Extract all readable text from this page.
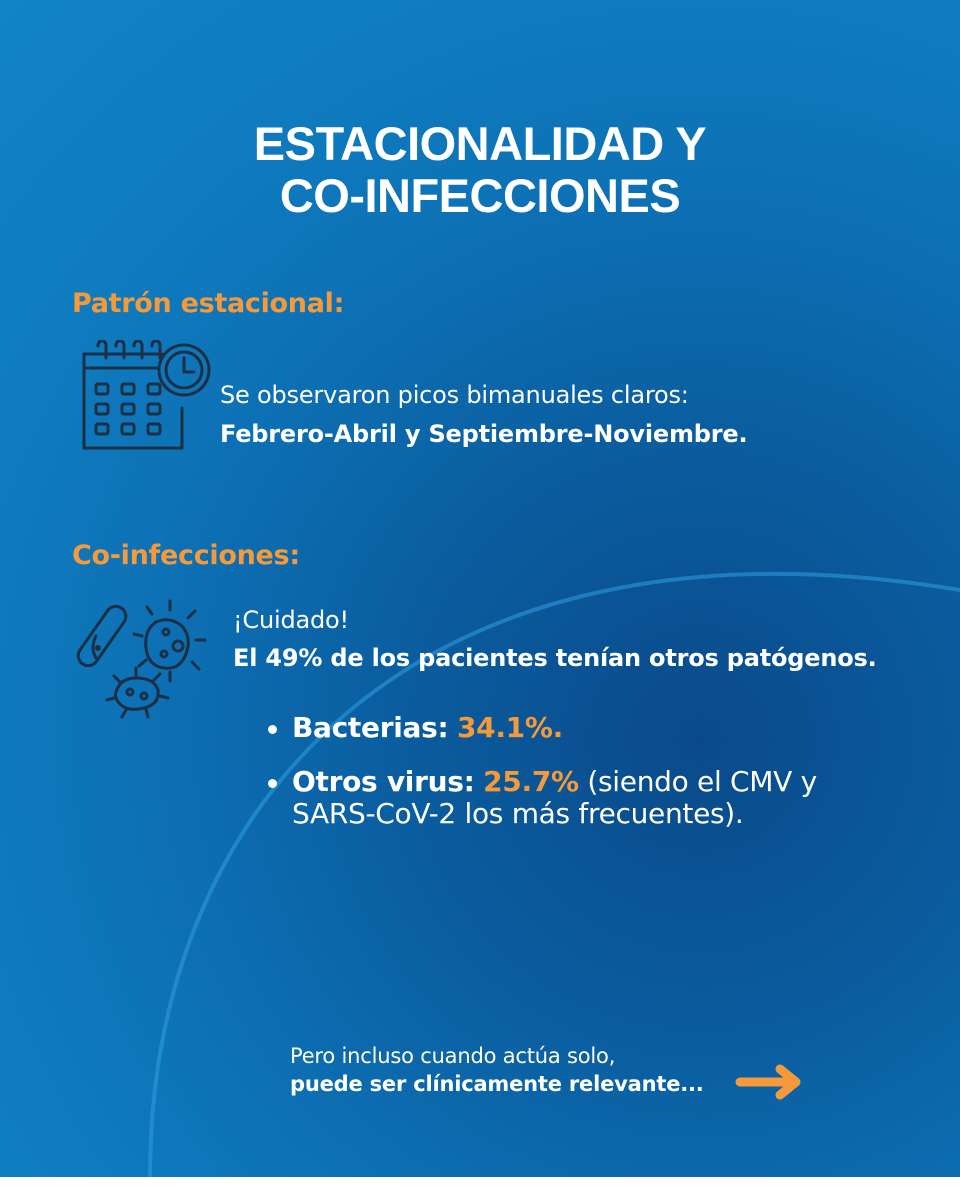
ESTACIONALIDAD Y
CO-INFECCIONES
Patrón estacional:
Se observaron picos bimanuales claros:
Febrero-Abril y Septiembre-Noviembre.
Co-infecciones:
¡Cuidado!
El 49% de los pacientes tenían otros patógenos.
Bacterias: 34.1%.
Otros virus: 25.7% (siendo el CMV y SARS-CoV-2 los más frecuentes).
Pero incluso cuando actúa solo,
puede ser clínicamente relevante...
